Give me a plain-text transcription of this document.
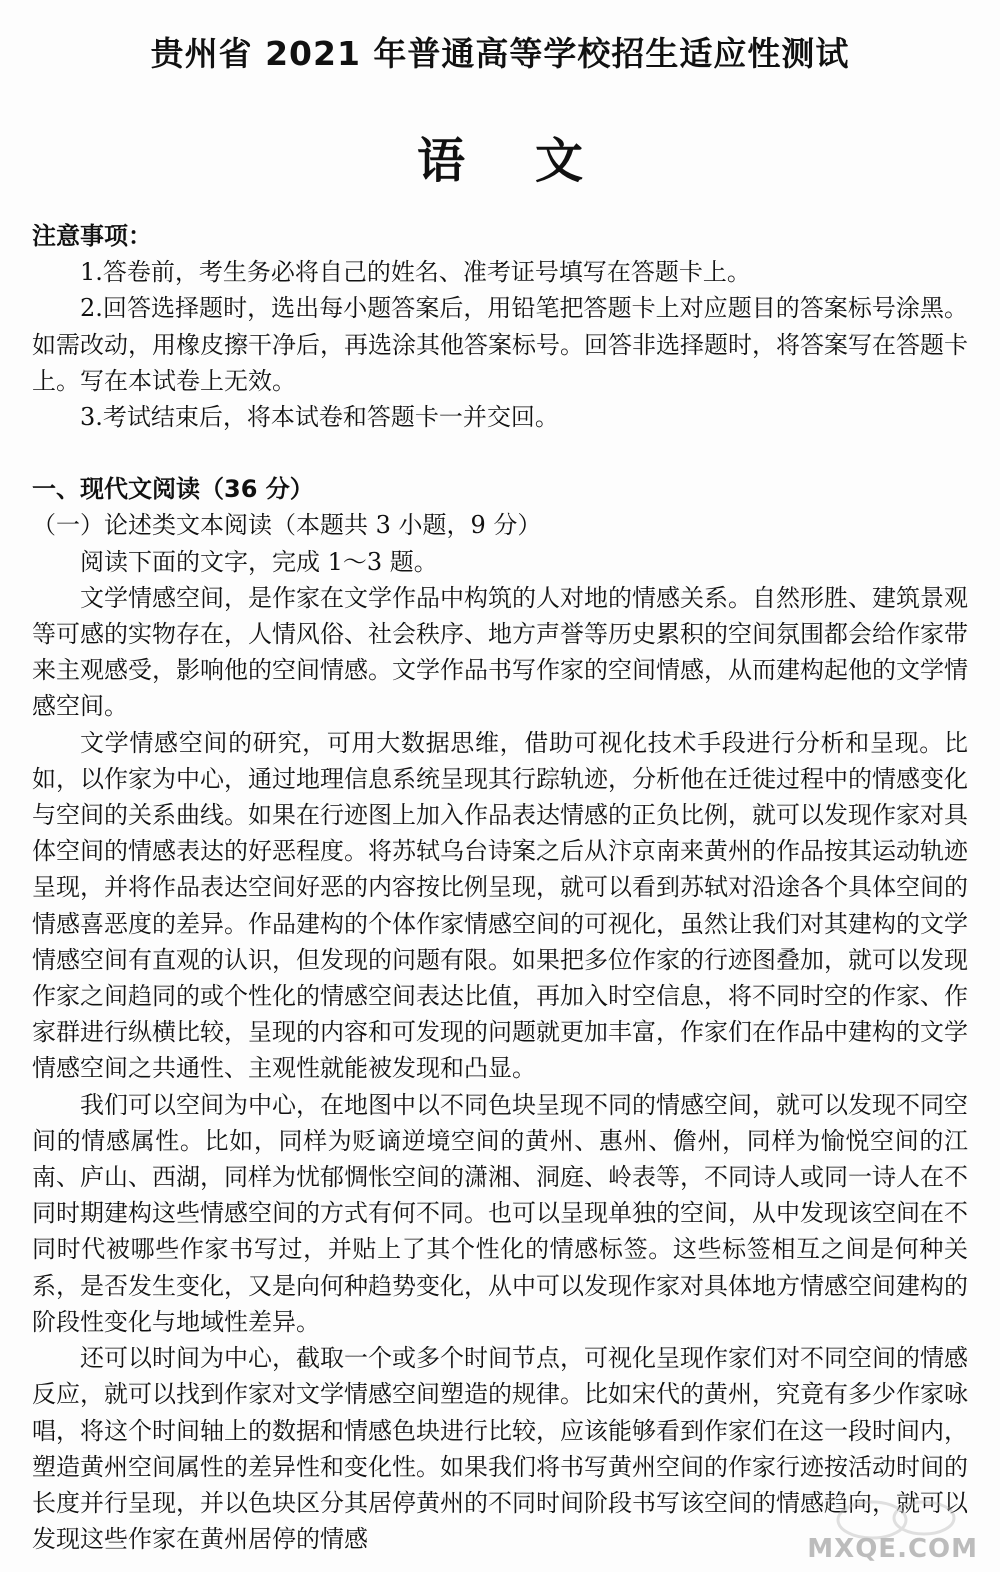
贵州省 2021 年普通高等学校招生适应性测试
语文

注意事项：

1.答卷前，考生务必将自己的姓名、准考证号填写在答题卡上。

2.回答选择题时，选出每小题答案后，用铅笔把答题卡上对应题目的答案标号涂黑。如需改动，用橡皮擦干净后，再选涂其他答案标号。回答非选择题时，将答案写在答题卡上。写在本试卷上无效。

3.考试结束后，将本试卷和答题卡一并交回。

一、现代文阅读（36 分）

（一）论述类文本阅读（本题共 3 小题，9 分）

阅读下面的文字，完成 1～3 题。

文学情感空间，是作家在文学作品中构筑的人对地的情感关系。自然形胜、建筑景观等可感的实物存在，人情风俗、社会秩序、地方声誉等历史累积的空间氛围都会给作家带来主观感受，影响他的空间情感。文学作品书写作家的空间情感，从而建构起他的文学情感空间。

文学情感空间的研究，可用大数据思维，借助可视化技术手段进行分析和呈现。比如，以作家为中心，通过地理信息系统呈现其行踪轨迹，分析他在迁徙过程中的情感变化与空间的关系曲线。如果在行迹图上加入作品表达情感的正负比例，就可以发现作家对具体空间的情感表达的好恶程度。将苏轼乌台诗案之后从汴京南来黄州的作品按其运动轨迹呈现，并将作品表达空间好恶的内容按比例呈现，就可以看到苏轼对沿途各个具体空间的情感喜恶度的差异。作品建构的个体作家情感空间的可视化，虽然让我们对其建构的文学情感空间有直观的认识，但发现的问题有限。如果把多位作家的行迹图叠加，就可以发现作家之间趋同的或个性化的情感空间表达比值，再加入时空信息，将不同时空的作家、作家群进行纵横比较，呈现的内容和可发现的问题就更加丰富，作家们在作品中建构的文学情感空间之共通性、主观性就能被发现和凸显。

我们可以空间为中心，在地图中以不同色块呈现不同的情感空间，就可以发现不同空间的情感属性。比如，同样为贬谪逆境空间的黄州、惠州、儋州，同样为愉悦空间的江南、庐山、西湖，同样为忧郁惆怅空间的潇湘、洞庭、岭表等，不同诗人或同一诗人在不同时期建构这些情感空间的方式有何不同。也可以呈现单独的空间，从中发现该空间在不同时代被哪些作家书写过，并贴上了其个性化的情感标签。这些标签相互之间是何种关系，是否发生变化，又是向何种趋势变化，从中可以发现作家对具体地方情感空间建构的阶段性变化与地域性差异。

还可以时间为中心，截取一个或多个时间节点，可视化呈现作家们对不同空间的情感反应，就可以找到作家对文学情感空间塑造的规律。比如宋代的黄州，究竟有多少作家咏唱，将这个时间轴上的数据和情感色块进行比较，应该能够看到作家们在这一段时间内，塑造黄州空间属性的差异性和变化性。如果我们将书写黄州空间的作家行迹按活动时间的长度并行呈现，并以色块区分其居停黄州的不同时间阶段书写该空间的情感趋向，就可以发现这些作家在黄州居停的情感	MXQE.COM
